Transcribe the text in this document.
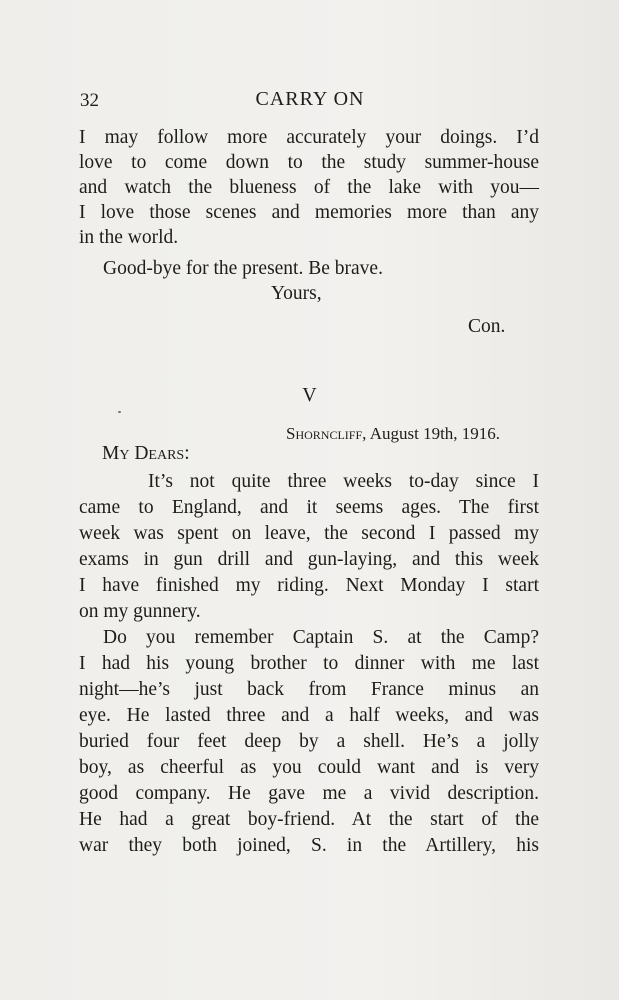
32	CARRY ON
I may follow more accurately your doings. I’d
love to come down to the study summer-house
and watch the blueness of the lake with you—
I love those scenes and memories more than any
in the world.
Good-bye for the present. Be brave.
Yours,
Con.
V
Shorncliff, August 19th, 1916.
My Dears:
It’s not quite three weeks to-day since I
came to England, and it seems ages. The first
week was spent on leave, the second I passed my
exams in gun drill and gun-laying, and this week
I have finished my riding. Next Monday I start
on my gunnery.
Do you remember Captain S. at the Camp?
I had his young brother to dinner with me last
night—he’s just back from France minus an
eye. He lasted three and a half weeks, and was
buried four feet deep by a shell. He’s a jolly
boy, as cheerful as you could want and is very
good company. He gave me a vivid description.
He had a great boy-friend. At the start of the
war they both joined, S. in the Artillery, his
